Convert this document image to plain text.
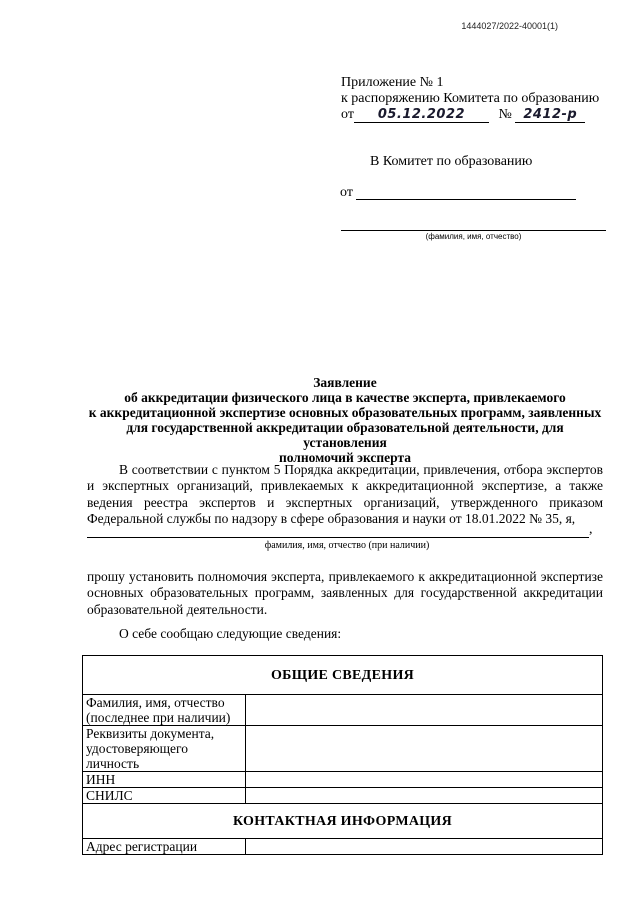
1444027/2022-40001(1)
Приложение № 1
к распоряжению Комитета по образованию
от 05.12.2022 № 2412-р
В Комитет по образованию
от
(фамилия, имя, отчество)
Заявление
об аккредитации физического лица в качестве эксперта, привлекаемого
к аккредитационной экспертизе основных образовательных программ, заявленных
для государственной аккредитации образовательной деятельности, для установления
полномочий эксперта

В соответствии с пунктом 5 Порядка аккредитации, привлечения, отбора экспертов и экспертных организаций, привлекаемых к аккредитационной экспертизе, а также ведения реестра экспертов и экспертных организаций, утвержденного приказом Федеральной службы по надзору в сфере образования и науки от 18.01.2022 № 35, я,

,
фамилия, имя, отчество (при наличии)

прошу установить полномочия эксперта, привлекаемого к аккредитационной экспертизе основных образовательных программ, заявленных для государственной аккредитации образовательной деятельности.

О себе сообщаю следующие сведения:

ОБЩИЕ СВЕДЕНИЯ	
Фамилия, имя, отчество (последнее при наличии)	
Реквизиты документа, удостоверяющего личность	
ИНН	
СНИЛС	
КОНТАКТНАЯ ИНФОРМАЦИЯ	
Адрес регистрации	
